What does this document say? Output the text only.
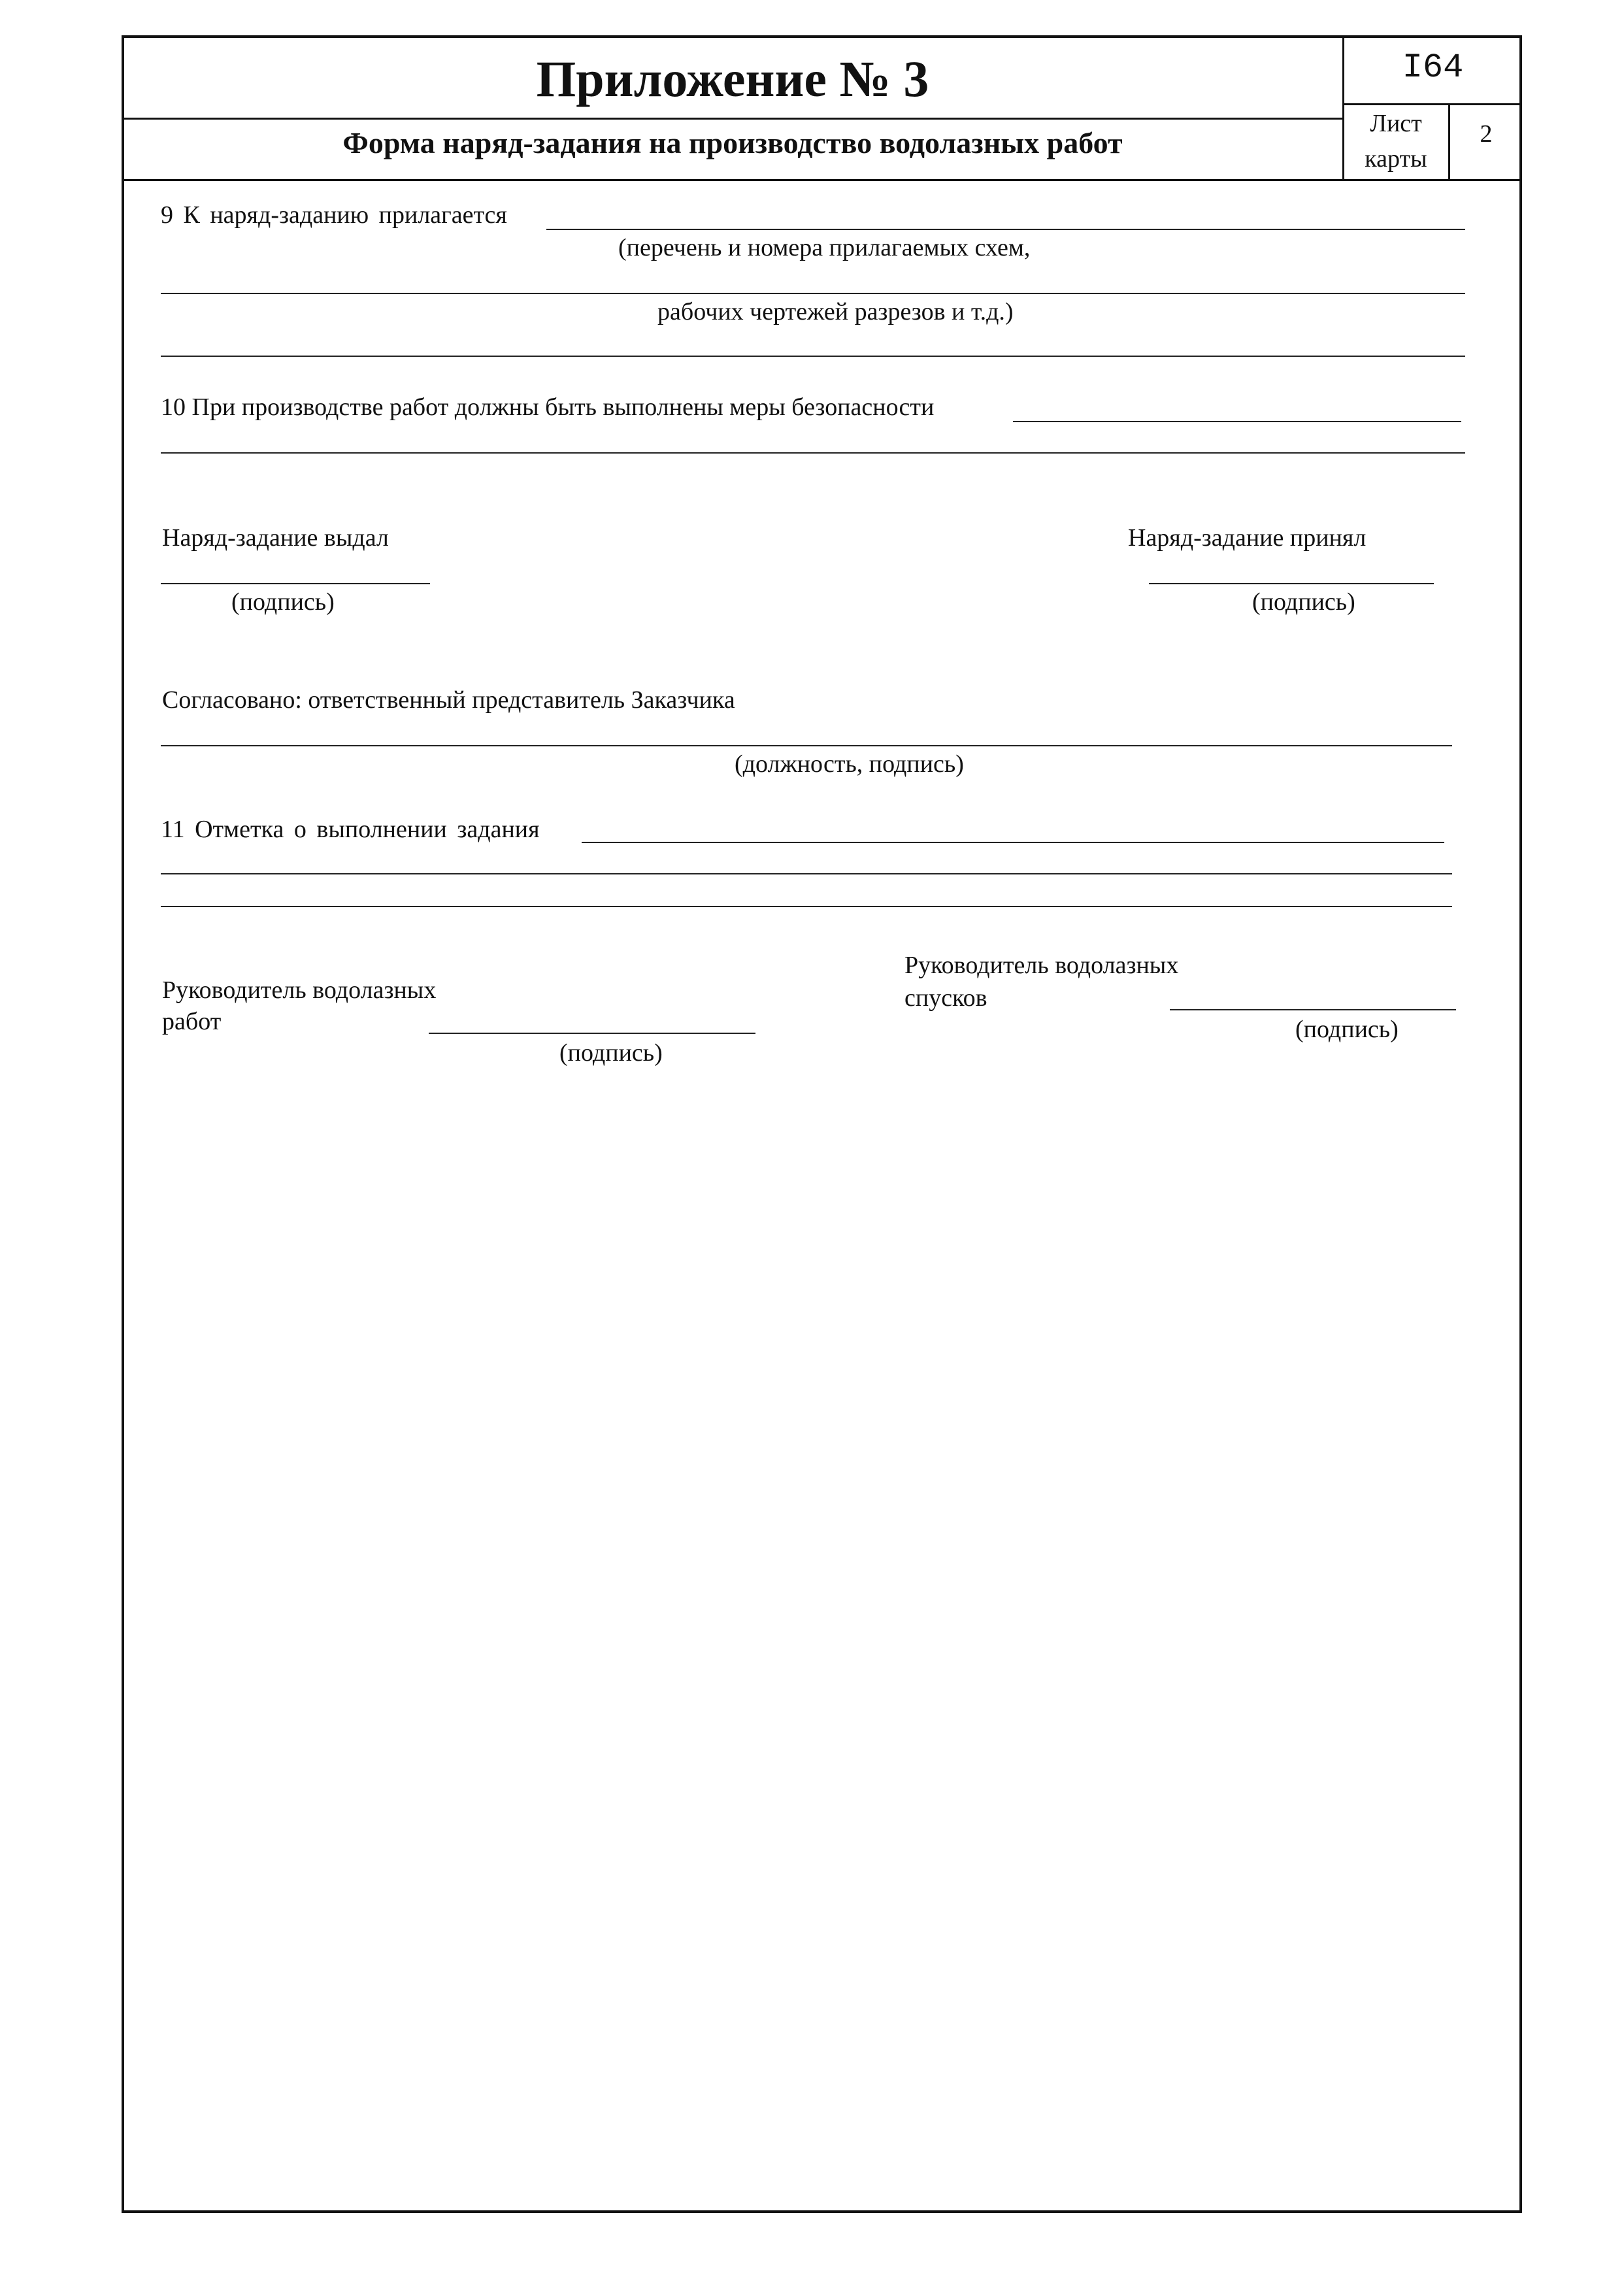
Приложение № 3
Форма наряд-задания на производство водолазных работ
I64
Лист
карты
2
9 К наряд-заданию прилагается
(перечень и номера прилагаемых схем,
рабочих чертежей разрезов и т.д.)
10 При производстве работ должны быть выполнены меры безопасности
Наряд-задание выдал
(подпись)
Наряд-задание принял
(подпись)
Согласовано: ответственный представитель Заказчика
(должность, подпись)
11 Отметка о выполнении задания
Руководитель водолазных
работ
(подпись)
Руководитель водолазных
спусков
(подпись)
